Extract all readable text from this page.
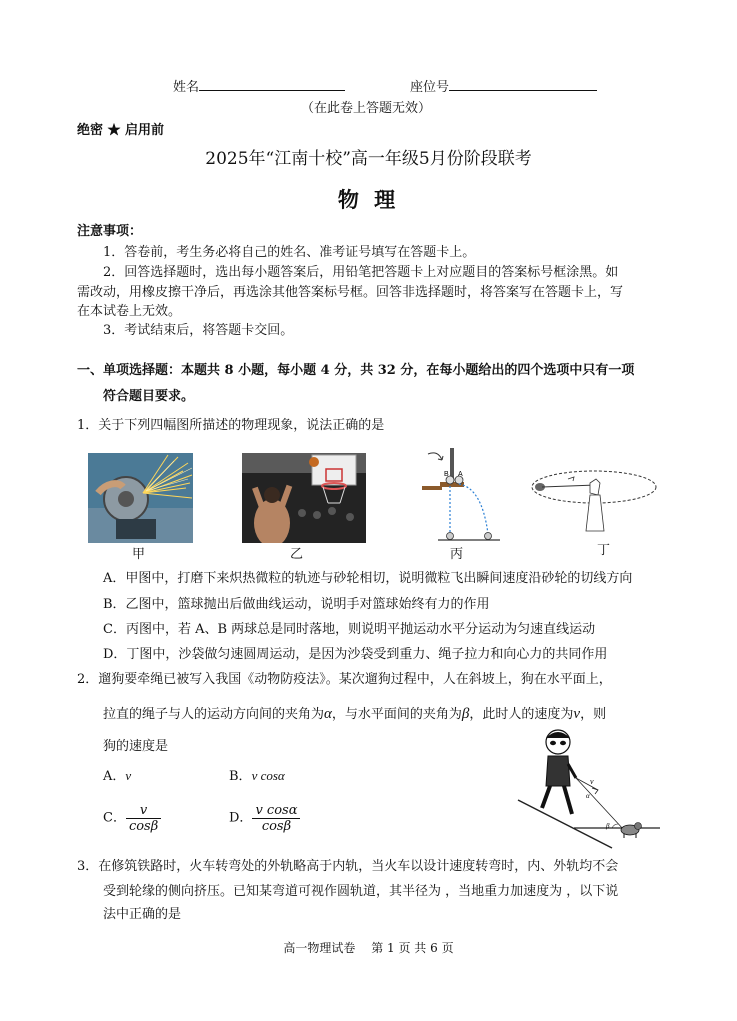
姓名	座位号
（在此卷上答题无效）
绝密 ★ 启用前
2025年“江南十校”高一年级5月份阶段联考
物 理
注意事项：
1．答卷前，考生务必将自己的姓名、准考证号填写在答题卡上。
2．回答选择题时，选出每小题答案后，用铅笔把答题卡上对应题目的答案标号框涂黑。如
需改动，用橡皮擦干净后，再选涂其他答案标号框。回答非选择题时，将答案写在答题卡上，写
在本试卷上无效。
3．考试结束后，将答题卡交回。
一、单项选择题：本题共 8 小题，每小题 4 分，共 32 分，在每小题给出的四个选项中只有一项
符合题目要求。
1．关于下列四幅图所描述的物理现象，说法正确的是
甲	乙
B A
丙	丁
A．甲图中，打磨下来炽热微粒的轨迹与砂轮相切，说明微粒飞出瞬间速度沿砂轮的切线方向
B．乙图中，篮球抛出后做曲线运动，说明手对篮球始终有力的作用
C．丙图中，若 A、B 两球总是同时落地，则说明平抛运动水平分运动为匀速直线运动
D．丁图中，沙袋做匀速圆周运动，是因为沙袋受到重力、绳子拉力和向心力的共同作用
2．遛狗要牵绳已被写入我国《动物防疫法》。某次遛狗过程中，人在斜坡上，狗在水平面上，
拉直的绳子与人的运动方向间的夹角为α，与水平面间的夹角为β，此时人的速度为v，则
狗的速度是
A．v	B．v cosα
C． $\frac{v}{\cos\beta}$	D． $\frac{\text{v cosα}}{\cos\beta}$
v
α
β
3．在修筑铁路时，火车转弯处的外轨略高于内轨，当火车以设计速度转弯时，内、外轨均不会
受到轮缘的侧向挤压。已知某弯道可视作圆轨道，其半径为 ，当地重力加速度为 ，以下说
法中正确的是
高一物理试卷　 第 1 页 共 6 页
